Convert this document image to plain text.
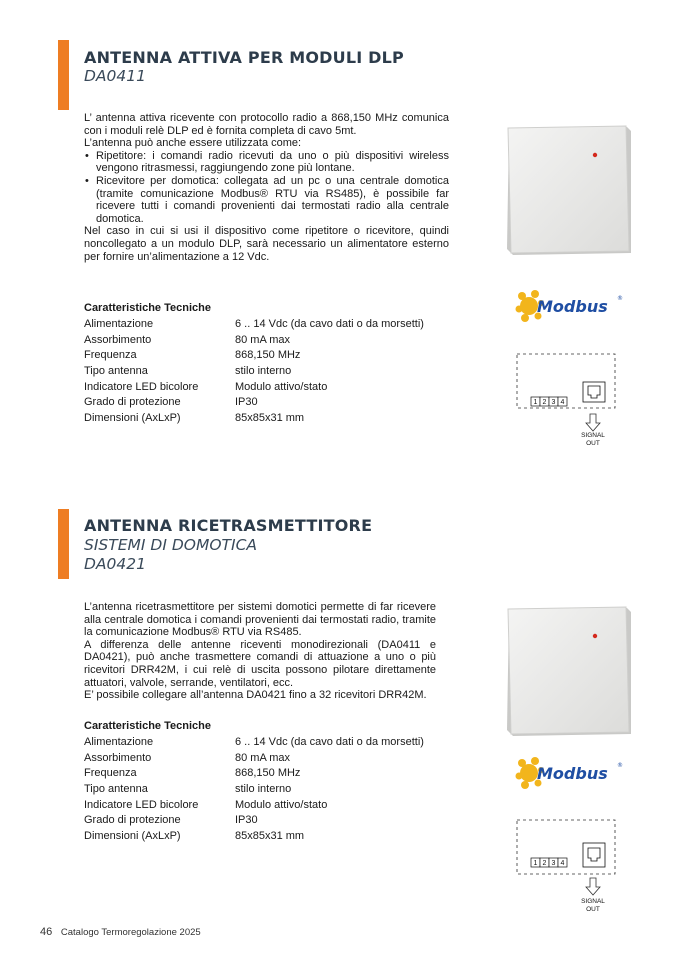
ANTENNA ATTIVA PER MODULI DLP
DA0411

L’ antenna attiva ricevente con protocollo radio a 868,150 MHz comunica con i moduli relè DLP ed è fornita completa di cavo 5mt.

L’antenna può anche essere utilizzata come:

• Ripetitore: i comandi radio ricevuti da uno o più dispositivi wireless vengono ritrasmessi, raggiungendo zone più lontane.
• Ricevitore per domotica: collegata ad un pc o una centrale domotica (tramite comunicazione Modbus® RTU via RS485), è possibile far ricevere tutti i comandi provenienti dai termostati radio alla centrale domotica.

Nel caso in cui si usi il dispositivo come ripetitore o ricevitore, quindi noncollegato a un modulo DLP, sarà necessario un alimentatore esterno per fornire un’alimentazione a 12 Vdc.

Caratteristiche Tecniche
Alimentazione	6 .. 14 Vdc (da cavo dati o da morsetti)
Assorbimento	80 mA max
Frequenza	868,150 MHz
Tipo antenna	stilo interno
Indicatore LED bicolore	Modulo attivo/stato
Grado di protezione	IP30
Dimensioni (AxLxP)	85x85x31 mm
Modbus ®
1 2 3 4
SIGNAL
OUT
ANTENNA RICETRASMETTITORE
SISTEMI DI DOMOTICA
DA0421

L’antenna ricetrasmettitore per sistemi domotici permette di far ricevere alla centrale domotica i comandi provenienti dai termostati radio, tramite la comunicazione Modbus® RTU via RS485.

A differenza delle antenne riceventi monodirezionali (DA0411 e DA0421), può anche trasmettere comandi di attuazione a uno o più ricevitori DRR42M, i cui relè di uscita possono pilotare direttamente attuatori, valvole, serrande, ventilatori, ecc.

E’ possibile collegare all’antenna DA0421 fino a 32 ricevitori DRR42M.

Caratteristiche Tecniche
Alimentazione	6 .. 14 Vdc (da cavo dati o da morsetti)
Assorbimento	80 mA max
Frequenza	868,150 MHz
Tipo antenna	stilo interno
Indicatore LED bicolore	Modulo attivo/stato
Grado di protezione	IP30
Dimensioni (AxLxP)	85x85x31 mm
Modbus ®
1 2 3 4
SIGNAL
OUT
46 Catalogo Termoregolazione 2025
